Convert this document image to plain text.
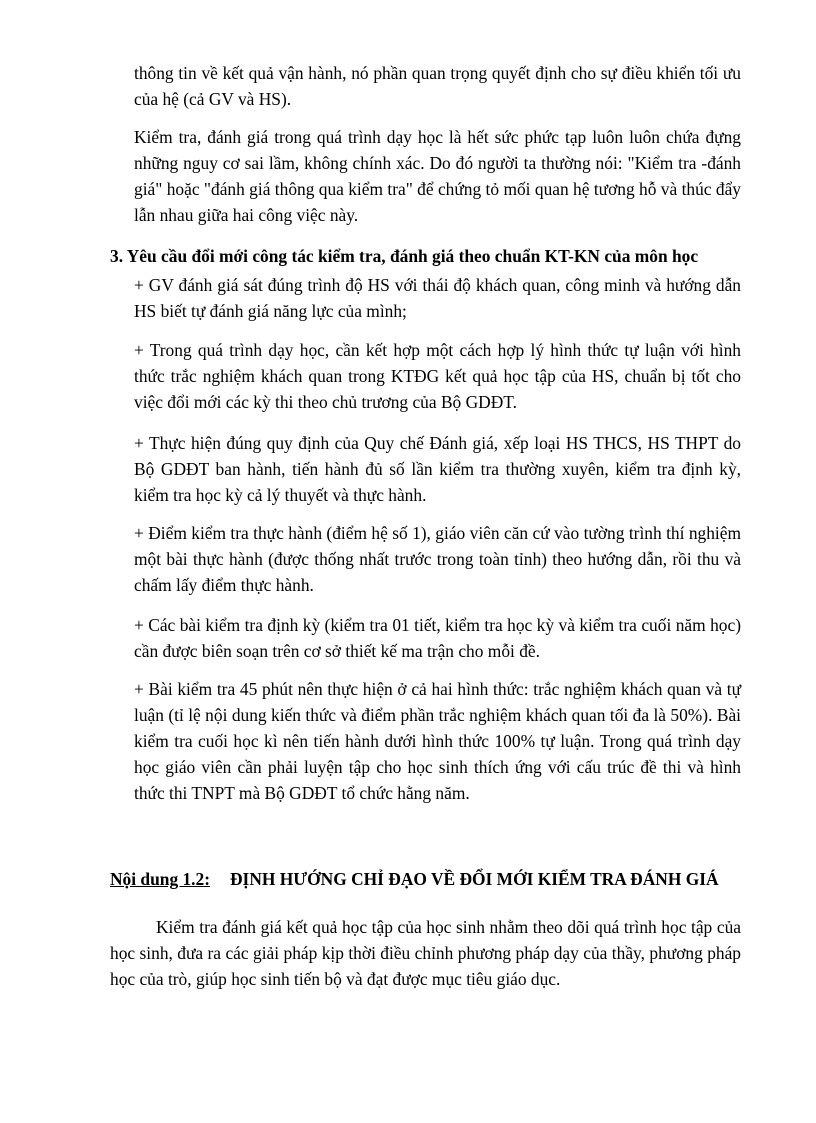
thông tin về kết quả vận hành, nó phần quan trọng quyết định cho sự điều khiển tối ưu của hệ (cả GV và HS).

Kiểm tra, đánh giá trong quá trình dạy học là hết sức phức tạp luôn luôn chứa đựng những nguy cơ sai lầm, không chính xác. Do đó người ta thường nói: "Kiểm tra -đánh giá" hoặc "đánh giá thông qua kiểm tra" để chứng tỏ mối quan hệ tương hỗ và thúc đẩy lẫn nhau giữa hai công việc này.

3. Yêu cầu đổi mới công tác kiểm tra, đánh giá theo chuẩn KT-KN của môn học

+ GV đánh giá sát đúng trình độ HS với thái độ khách quan, công minh và hướng dẫn HS biết tự đánh giá năng lực của mình;

+ Trong quá trình dạy học, cần kết hợp một cách hợp lý hình thức tự luận với hình thức trắc nghiệm khách quan trong KTĐG kết quả học tập của HS, chuẩn bị tốt cho việc đổi mới các kỳ thi theo chủ trương của Bộ GDĐT.

+ Thực hiện đúng quy định của Quy chế Đánh giá, xếp loại HS THCS, HS THPT do Bộ GDĐT ban hành, tiến hành đủ số lần kiểm tra thường xuyên, kiểm tra định kỳ, kiểm tra học kỳ cả lý thuyết và thực hành.

+ Điểm kiểm tra thực hành (điểm hệ số 1), giáo viên căn cứ vào tường trình thí nghiệm một bài thực hành (được thống nhất trước trong toàn tỉnh) theo hướng dẫn, rồi thu và chấm lấy điểm thực hành.

+ Các bài kiểm tra định kỳ (kiểm tra 01 tiết, kiểm tra học kỳ và kiểm tra cuối năm học) cần được biên soạn trên cơ sở thiết kế ma trận cho mỗi đề.

+ Bài kiểm tra 45 phút nên thực hiện ở cả hai hình thức: trắc nghiệm khách quan và tự luận (tỉ lệ nội dung kiến thức và điểm phần trắc nghiệm khách quan tối đa là 50%). Bài kiểm tra cuối học kì nên tiến hành dưới hình thức 100% tự luận. Trong quá trình dạy học giáo viên cần phải luyện tập cho học sinh thích ứng với cấu trúc đề thi và hình thức thi TNPT mà Bộ GDĐT tổ chức hằng năm.

Nội dung 1.2:	ĐỊNH HƯỚNG CHỈ ĐẠO VỀ ĐỔI MỚI KIỂM TRA ĐÁNH GIÁ

Kiểm tra đánh giá kết quả học tập của học sinh nhằm theo dõi quá trình học tập của học sinh, đưa ra các giải pháp kịp thời điều chỉnh phương pháp dạy của thầy, phương pháp học của trò, giúp học sinh tiến bộ và đạt được mục tiêu giáo dục.
